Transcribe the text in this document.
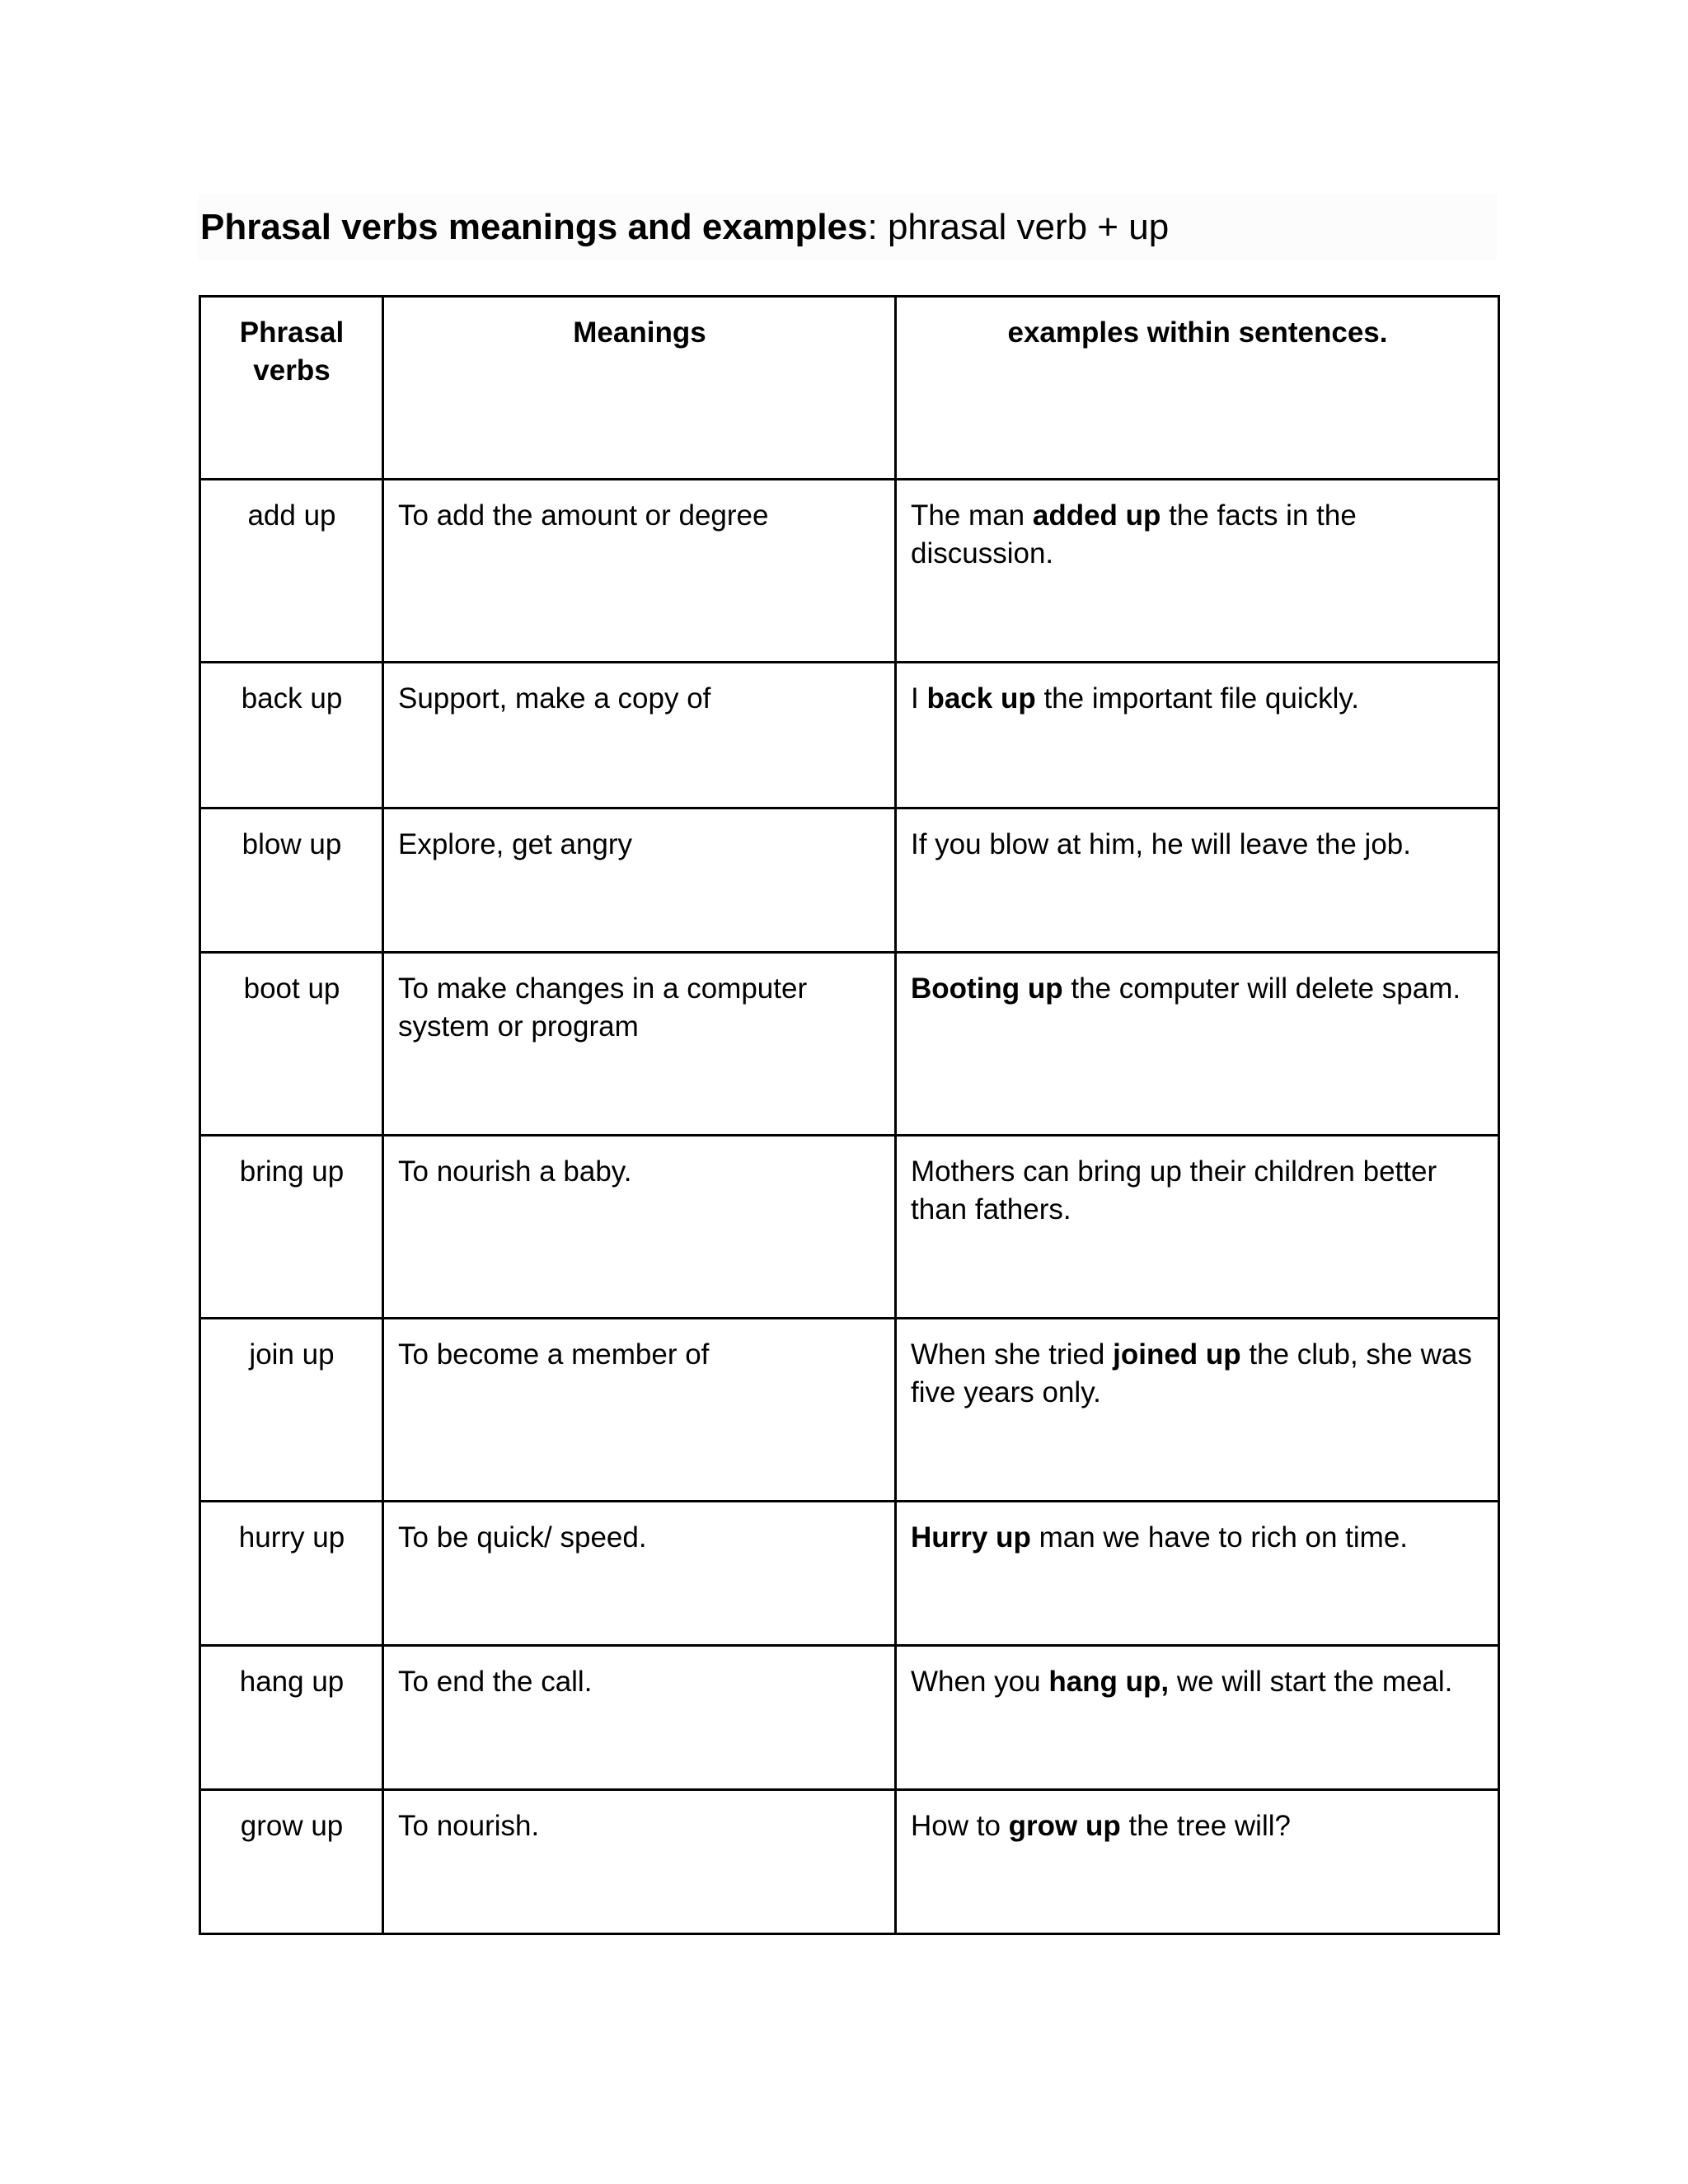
Phrasal verbs meanings and examples: phrasal verb + up
Phrasal verbs	Meanings	examples within sentences.
add up	To add the amount or degree	The man added up the facts in the discussion.
back up	Support, make a copy of	I back up the important file quickly.
blow up	Explore, get angry	If you blow at him, he will leave the job.
boot up	To make changes in a computer system or program	Booting up the computer will delete spam.
bring up	To nourish a baby.	Mothers can bring up their children better than fathers.
join up	To become a member of	When she tried joined up the club, she was five years only.
hurry up	To be quick/ speed.	Hurry up man we have to rich on time.
hang up	To end the call.	When you hang up, we will start the meal.
grow up	To nourish.	How to grow up the tree will?
